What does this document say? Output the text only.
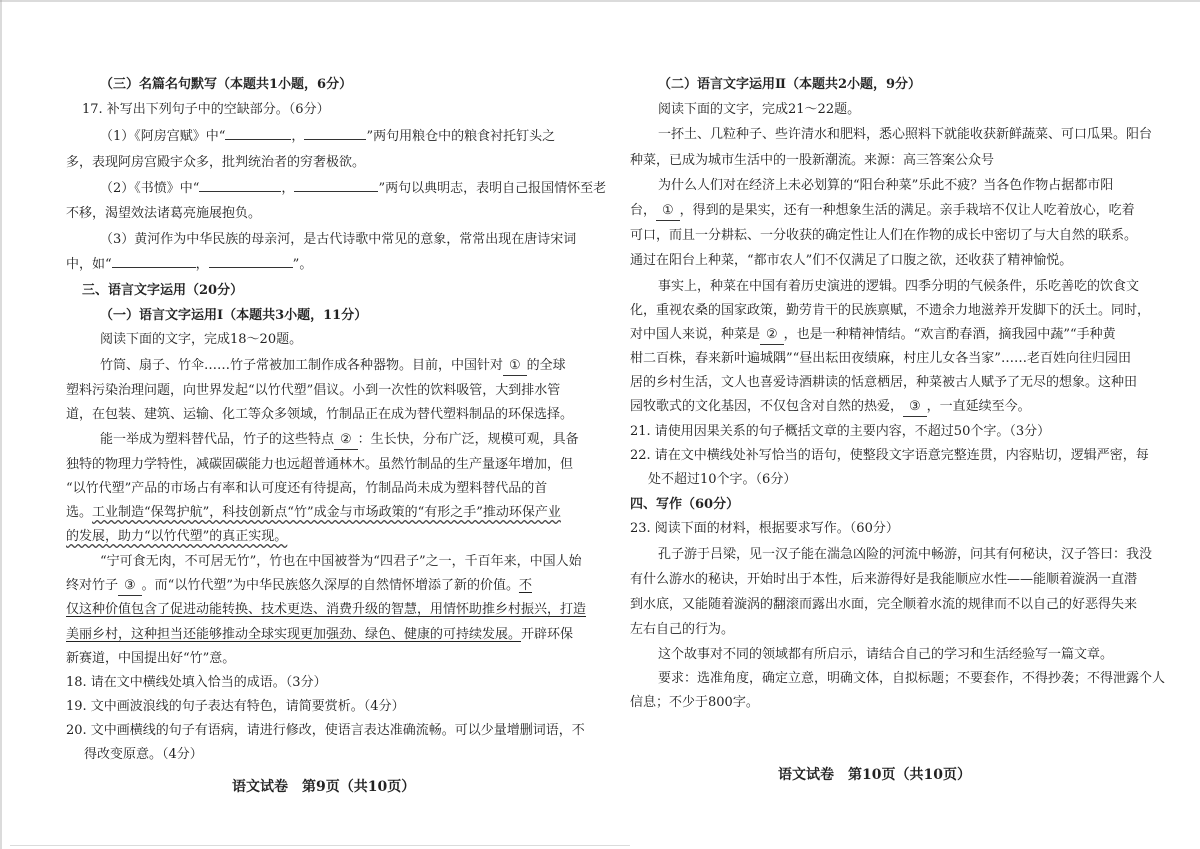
（三）名篇名句默写（本题共1小题，6分）
17. 补写出下列句子中的空缺部分。（6分）
（1）《阿房宫赋》中“	，	”两句用粮仓中的粮食衬托钉头之
多，表现阿房宫殿宇众多，批判统治者的穷奢极欲。
（2）《书愤》中“	，	”两句以典明志，表明自己报国情怀至老
不移，渴望效法诸葛亮施展抱负。
（3）黄河作为中华民族的母亲河，是古代诗歌中常见的意象，常常出现在唐诗宋词
中，如“	，	”。
三、语言文字运用（20分）
（一）语言文字运用Ⅰ（本题共3小题，11分）
阅读下面的文字，完成18～20题。
竹筒、扇子、竹伞……竹子常被加工制作成各种器物。目前，中国针对 ① 的全球
塑料污染治理问题，向世界发起“以竹代塑”倡议。小到一次性的饮料吸管，大到排水管
道，在包装、建筑、运输、化工等众多领域，竹制品正在成为替代塑料制品的环保选择。
能一举成为塑料替代品，竹子的这些特点 ② ：生长快，分布广泛，规模可观，具备
独特的物理力学特性，减碳固碳能力也远超普通林木。虽然竹制品的生产量逐年增加，但
“以竹代塑”产品的市场占有率和认可度还有待提高，竹制品尚未成为塑料替代品的首
选。工业制造“保驾护航”，科技创新点“竹”成金与市场政策的“有形之手”推动环保产业
的发展，助力“以竹代塑”的真正实现。
“宁可食无肉，不可居无竹”，竹也在中国被誉为“四君子”之一，千百年来，中国人始
终对竹子 ③ 。而“以竹代塑”为中华民族悠久深厚的自然情怀增添了新的价值。不
仅这种价值包含了促进动能转换、技术更迭、消费升级的智慧，用情怀助推乡村振兴，打造
美丽乡村，这种担当还能够推动全球实现更加强劲、绿色、健康的可持续发展。开辟环保
新赛道，中国提出好“竹”意。
18. 请在文中横线处填入恰当的成语。（3分）
19. 文中画波浪线的句子表达有特色，请简要赏析。（4分）
20. 文中画横线的句子有语病，请进行修改，使语言表达准确流畅。可以少量增删词语，不
得改变原意。（4分）
语文试卷　第9页（共10页）
（二）语言文字运用Ⅱ（本题共2小题，9分）
阅读下面的文字，完成21～22题。
一抔土、几粒种子、些许清水和肥料，悉心照料下就能收获新鲜蔬菜、可口瓜果。阳台
种菜，已成为城市生活中的一股新潮流。来源：高三答案公众号
为什么人们对在经济上未必划算的“阳台种菜”乐此不疲？当各色作物占据都市阳
台， ① ，得到的是果实，还有一种想象生活的满足。亲手栽培不仅让人吃着放心，吃着
可口，而且一分耕耘、一分收获的确定性让人们在作物的成长中密切了与大自然的联系。
通过在阳台上种菜，“都市农人”们不仅满足了口腹之欲，还收获了精神愉悦。
事实上，种菜在中国有着历史演进的逻辑。四季分明的气候条件，乐吃善吃的饮食文
化，重视农桑的国家政策，勤劳肯干的民族禀赋，不遗余力地滋养开发脚下的沃土。同时，
对中国人来说，种菜是 ② ，也是一种精神情结。“欢言酌春酒，摘我园中蔬”“手种黄
柑二百株，春来新叶遍城隅”“昼出耘田夜绩麻，村庄儿女各当家”……老百姓向往归园田
居的乡村生活，文人也喜爱诗酒耕读的恬意栖居，种菜被古人赋予了无尽的想象。这种田
园牧歌式的文化基因，不仅包含对自然的热爱， ③ ，一直延续至今。
21. 请使用因果关系的句子概括文章的主要内容，不超过50个字。（3分）
22. 请在文中横线处补写恰当的语句，使整段文字语意完整连贯，内容贴切，逻辑严密，每
处不超过10个字。（6分）
四、写作（60分）
23. 阅读下面的材料，根据要求写作。（60分）
孔子游于吕梁，见一汉子能在湍急凶险的河流中畅游，问其有何秘诀，汉子答曰：我没
有什么游水的秘诀，开始时出于本性，后来游得好是我能顺应水性——能顺着漩涡一直潜
到水底，又能随着漩涡的翻滚而露出水面，完全顺着水流的规律而不以自己的好恶得失来
左右自己的行为。
这个故事对不同的领域都有所启示，请结合自己的学习和生活经验写一篇文章。
要求：选准角度，确定立意，明确文体，自拟标题；不要套作，不得抄袭；不得泄露个人
信息；不少于800字。
语文试卷　第10页（共10页）
